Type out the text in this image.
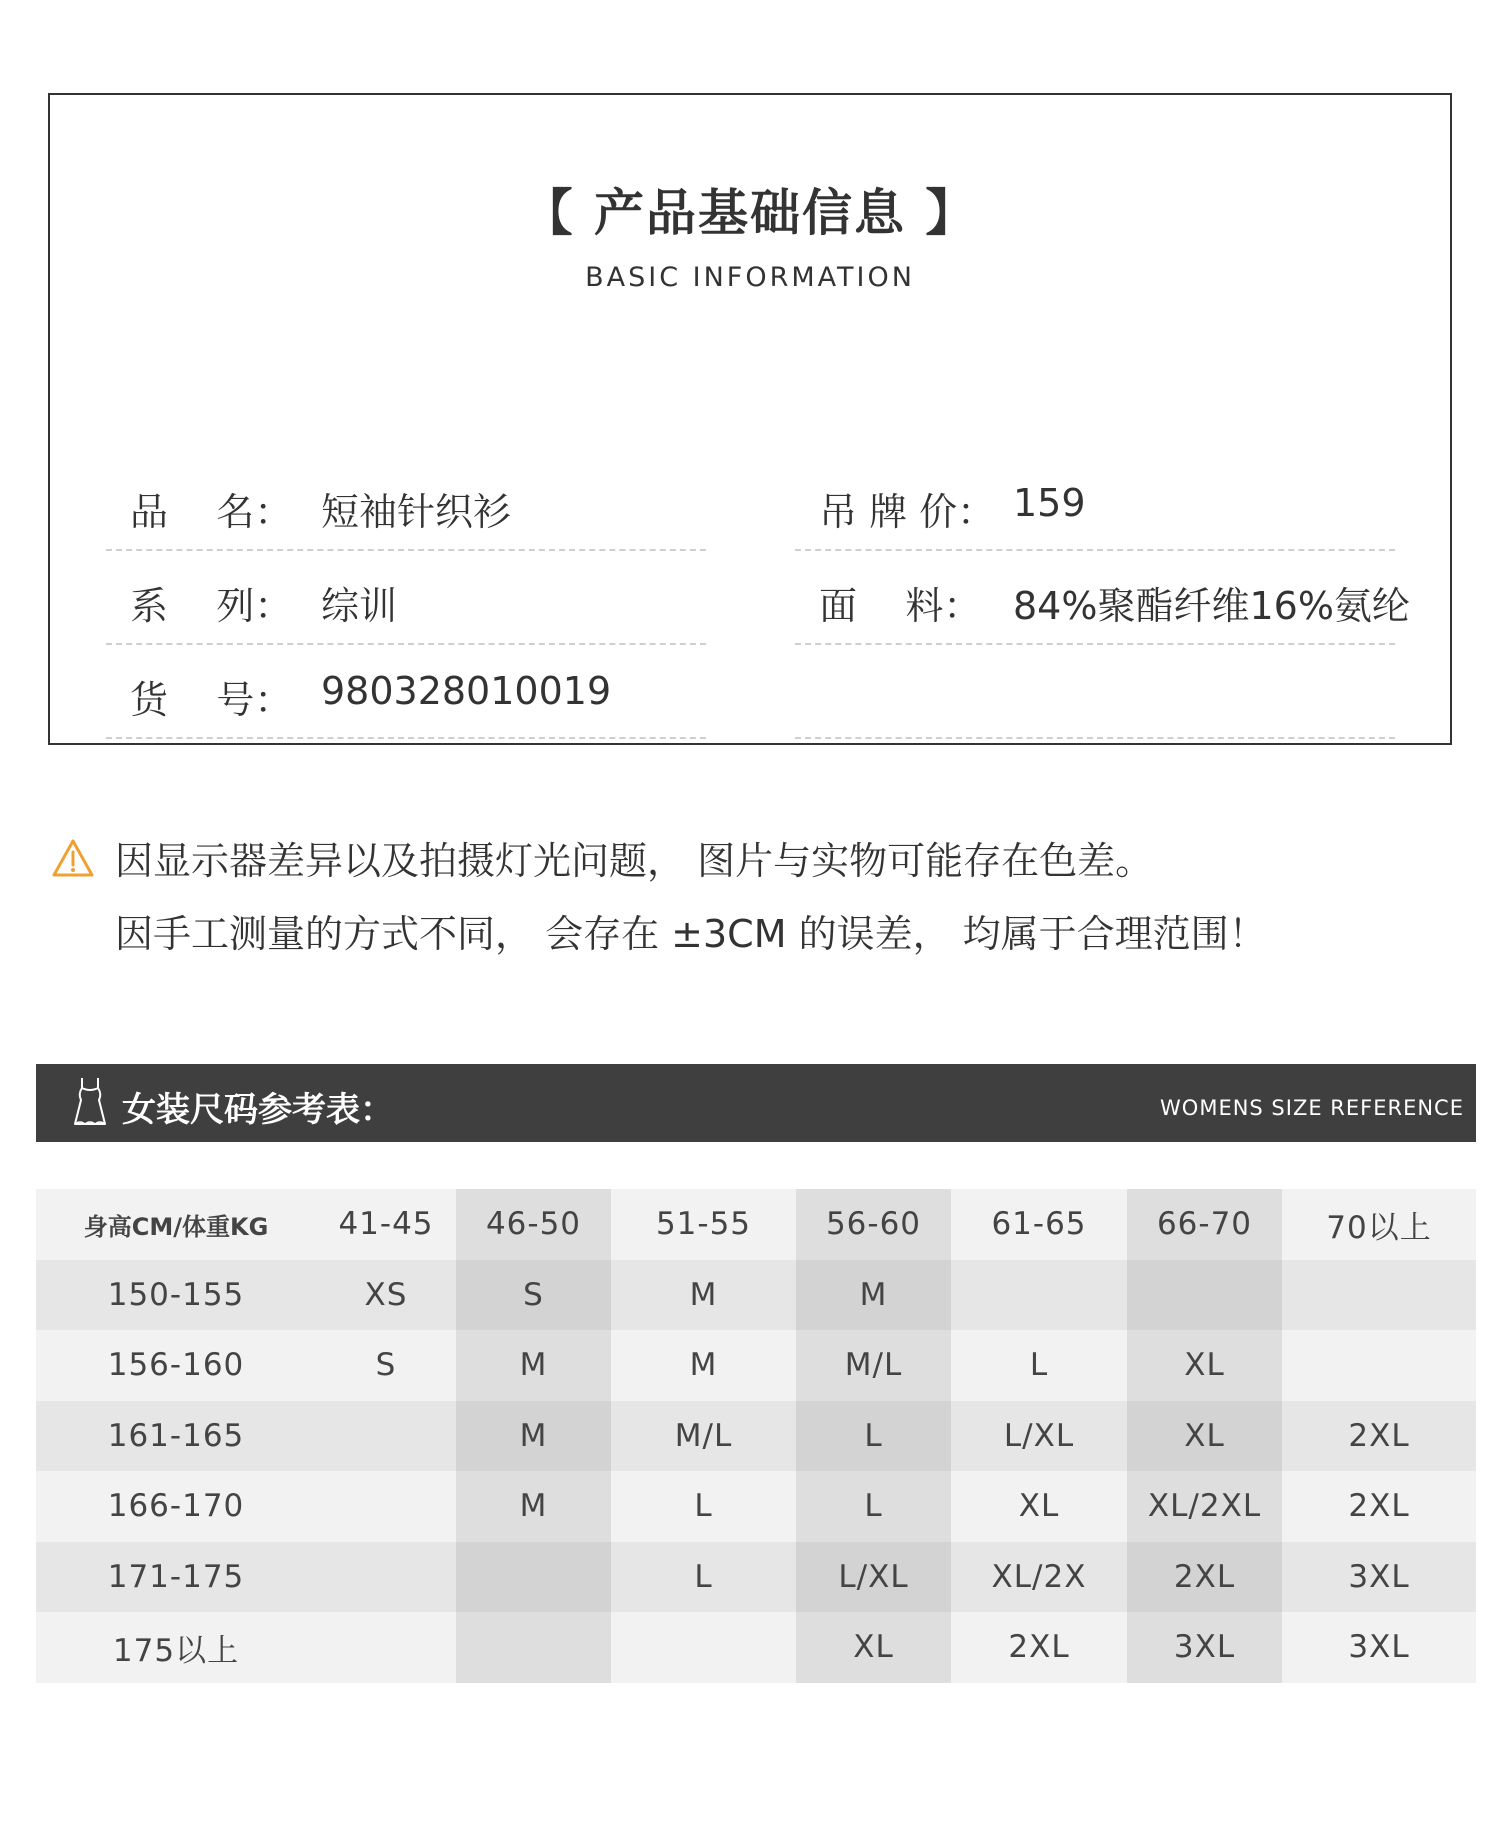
【 产品基础信息 】
BASIC INFORMATION
品    名： 短袖针织衫
系    列： 综训
货    号： 980328010019
吊 牌 价： 159
面    料： 84%聚酯纤维16%氨纶
因显示器差异以及拍摄灯光问题， 图片与实物可能存在色差。
因手工测量的方式不同， 会存在 ±3CM 的误差， 均属于合理范围！
女装尺码参考表：	WOMENS SIZE REFERENCE
身高CM/体重KG	41-45	46-50	51-55	56-60	61-65	66-70	70以上
150-155	XS	S	M	M			
156-160	S	M	M	M/L	L	XL	
161-165		M	M/L	L	L/XL	XL	2XL
166-170		M	L	L	XL	XL/2XL	2XL
171-175			L	L/XL	XL/2X	2XL	3XL
175以上				XL	2XL	3XL	3XL
